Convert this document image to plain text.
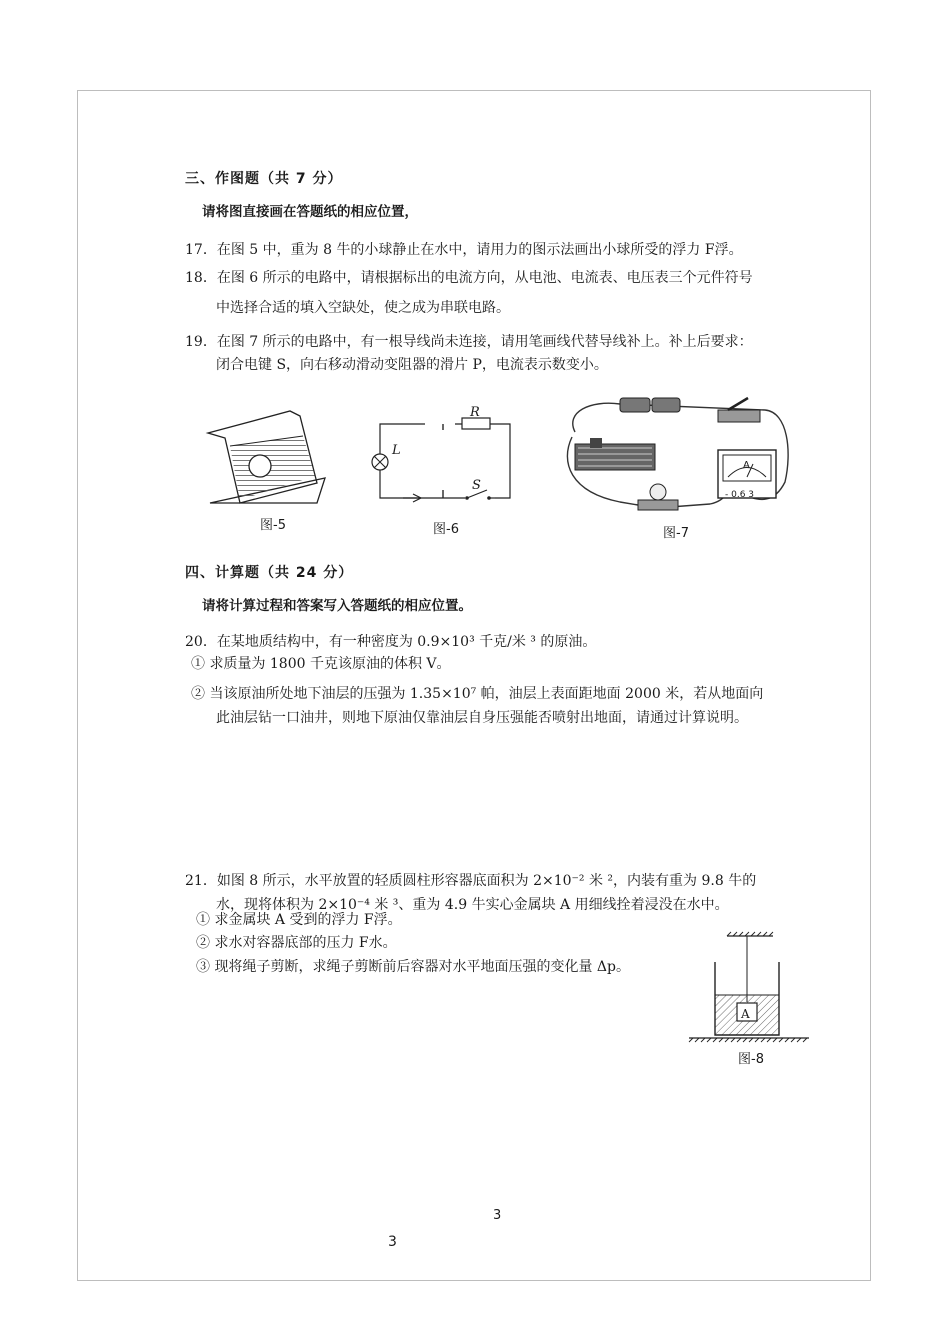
三、作图题（共 7 分）
请将图直接画在答题纸的相应位置，
17．在图 5 中，重为 8 牛的小球静止在水中，请用力的图示法画出小球所受的浮力 F浮。
18．在图 6 所示的电路中，请根据标出的电流方向，从电池、电流表、电压表三个元件符号
中选择合适的填入空缺处，使之成为串联电路。
19．在图 7 所示的电路中，有一根导线尚未连接，请用笔画线代替导线补上。补上后要求：
闭合电键 S，向右移动滑动变阻器的滑片 P，电流表示数变小。
图-5
R
L
S
图-6
A
- 0.6 3
图-7
四、计算题（共 24 分）
请将计算过程和答案写入答题纸的相应位置。
20．在某地质结构中，有一种密度为 0.9×10³ 千克/米 ³ 的原油。
① 求质量为 1800 千克该原油的体积 V。
② 当该原油所处地下油层的压强为 1.35×10⁷ 帕，油层上表面距地面 2000 米，若从地面向
此油层钻一口油井，则地下原油仅靠油层自身压强能否喷射出地面，请通过计算说明。
21．如图 8 所示，水平放置的轻质圆柱形容器底面积为 2×10⁻² 米 ²，内装有重为 9.8 牛的
水，现将体积为 2×10⁻⁴ 米 ³、重为 4.9 牛实心金属块 A 用细线拴着浸没在水中。
① 求金属块 A 受到的浮力 F浮。
② 求水对容器底部的压力 F水。
③ 现将绳子剪断，求绳子剪断前后容器对水平地面压强的变化量 Δp。
A
图-8
3
3
